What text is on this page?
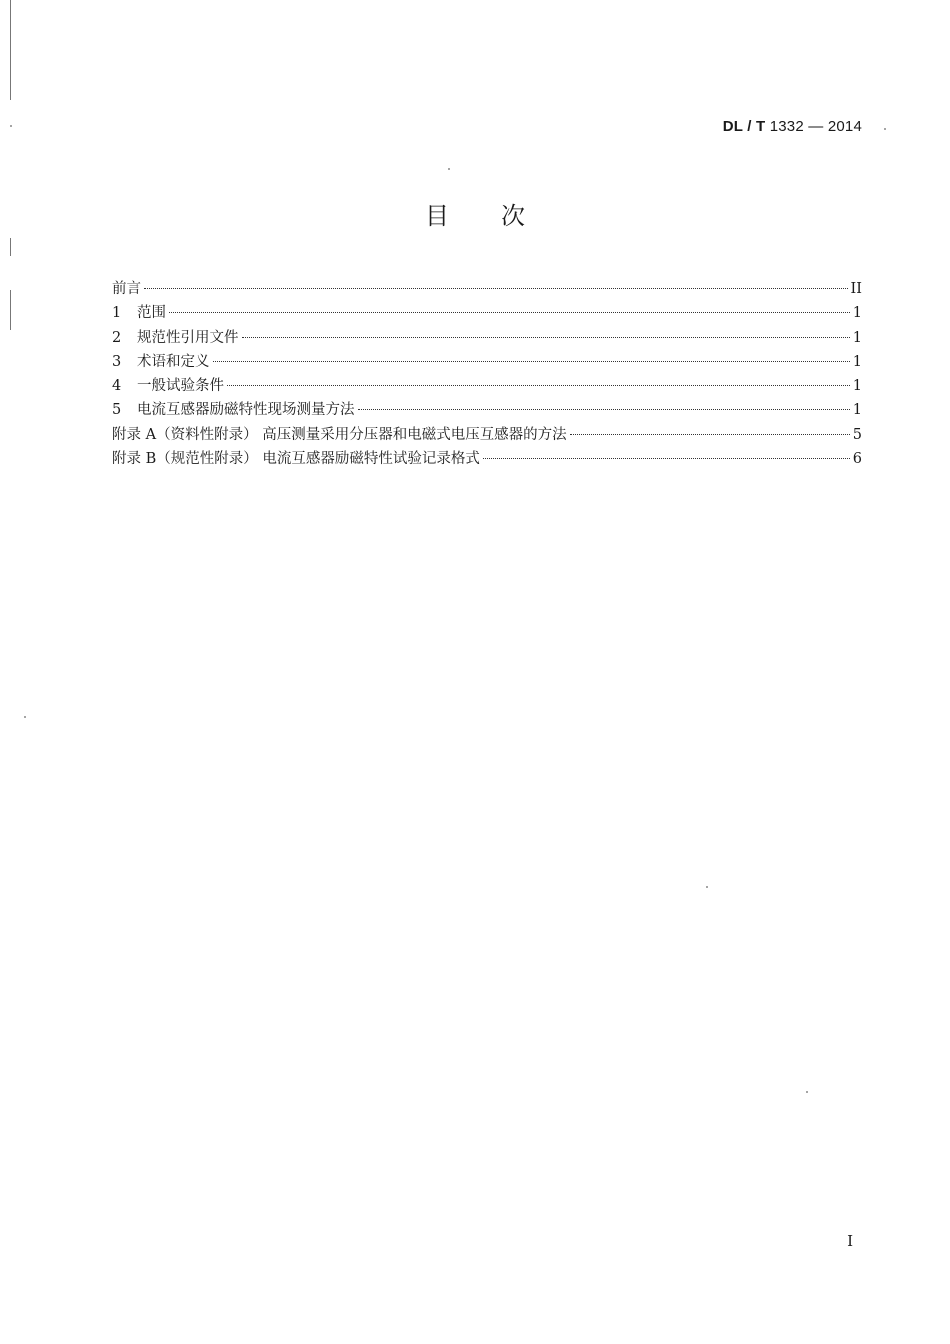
DL / T 1332 — 2014
目次
前言	II
1	范围	1
2	规范性引用文件	1
3	术语和定义	1
4	一般试验条件	1
5	电流互感器励磁特性现场测量方法	1
附录 A（资料性附录） 高压测量采用分压器和电磁式电压互感器的方法	5
附录 B（规范性附录） 电流互感器励磁特性试验记录格式	6
I
